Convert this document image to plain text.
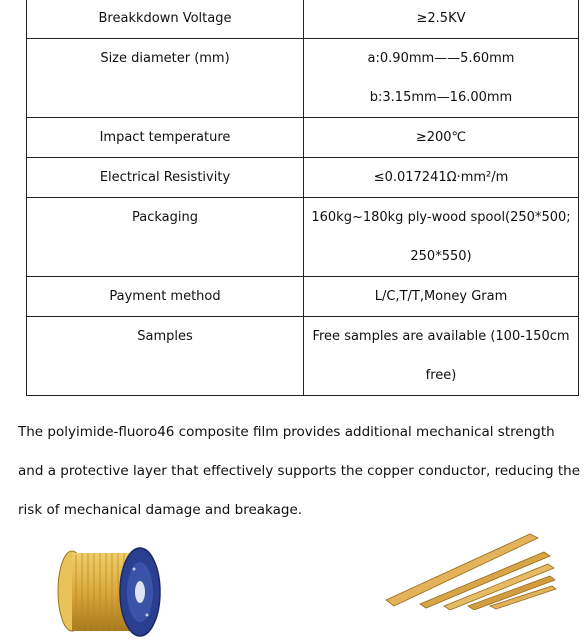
Breakkdown Voltage	≥2.5KV

Size diameter (mm)	a:0.90mm——5.60mm
b:3.15mm—16.00mm

Impact temperature	≥200℃

Electrical Resistivity	≤0.017241Ω·mm²/m

Packaging	160kg~180kg ply-wood spool(250*500;
250*550)

Payment method	L/C,T/T,Money Gram

Samples	Free samples are available (100-150cm
free)
The polyimide-fluoro46 composite film provides additional mechanical strength
and a protective layer that effectively supports the copper conductor, reducing the
risk of mechanical damage and breakage.
